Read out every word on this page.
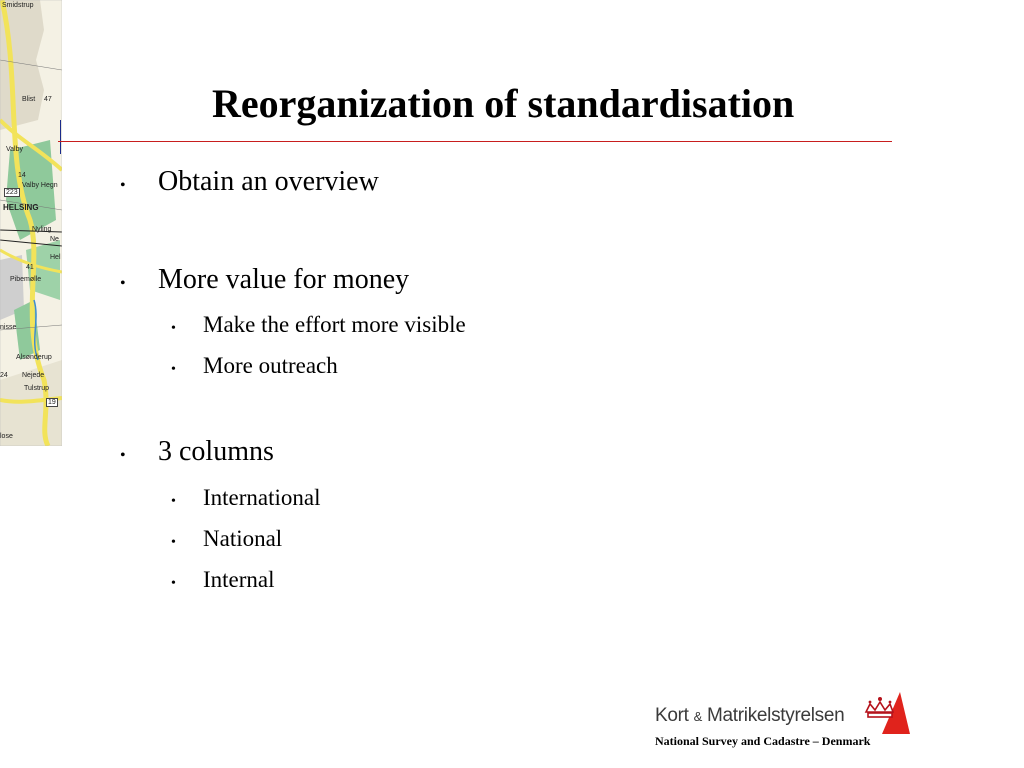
Smidstrup
Blist
Valby
Valby Hegn
HELSING
Nyling
Ne
Hel
Pibemølle
nisse
Alsønderup
Nejede
Tulstrup
lose
223
41
19
14
47
24
Reorganization of standardisation
• Obtain an overview
• More value for money
• Make the effort more visible
• More outreach
• 3 columns
• International
• National
• Internal
Kort & Matrikelstyrelsen
National Survey and Cadastre – Denmark
